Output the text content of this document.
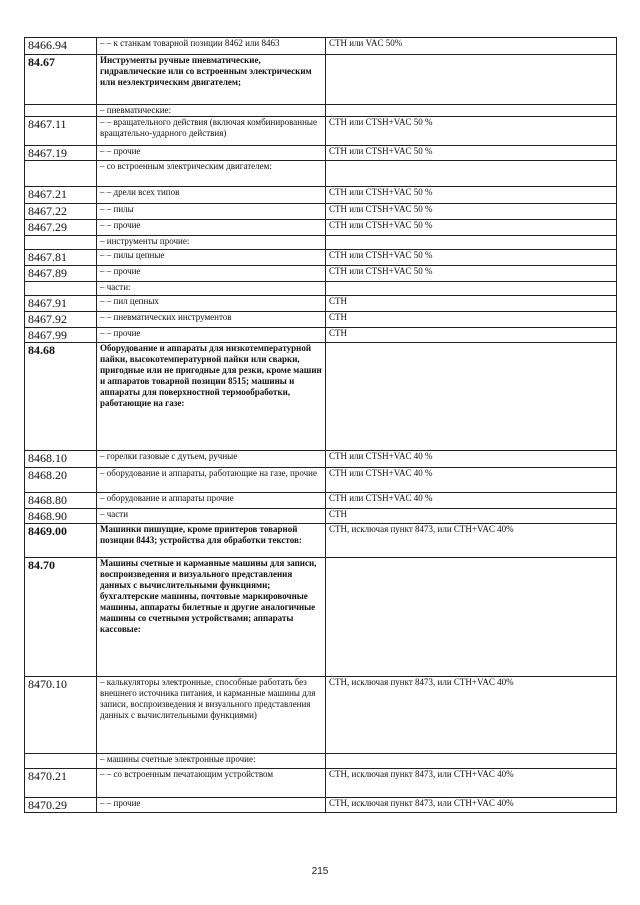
8466.94	– – к станкам товарной позиции 8462 или 8463	CTH или VAC 50%
84.67	Инструменты ручные пневматические, гидравлические или со встроенным электрическим или неэлектрическим двигателем;	
	– пневматические:	
8467.11	– – вращательного действия (включая комбинированные вращательно-ударного действия)	CTH или CTSH+VAC 50 %
8467.19	– – прочие	CTH или CTSH+VAC 50 %
	– со встроенным электрическим двигателем:	
8467.21	– – дрели всех типов	CTH или CTSH+VAC 50 %
8467.22	– – пилы	CTH или CTSH+VAC 50 %
8467.29	– – прочие	CTH или CTSH+VAC 50 %
	– инструменты прочие:	
8467.81	– – пилы цепные	CTH или CTSH+VAC 50 %
8467.89	– – прочие	CTH или CTSH+VAC 50 %
	– части:	
8467.91	– – пил цепных	CTH
8467.92	– – пневматических инструментов	CTH
8467.99	– – прочие	CTH
84.68	Оборудование и аппараты для низкотемпературной пайки, высокотемпературной пайки или сварки, пригодные или не пригодные для резки, кроме машин и аппаратов товарной позиции 8515; машины и аппараты для поверхностной термообработки, работающие на газе:	
8468.10	– горелки газовые с дутьем, ручные	CTH или CTSH+VAC 40 %
8468.20	– оборудование и аппараты, работающие на газе, прочие	CTH или CTSH+VAC 40 %
8468.80	– оборудование и аппараты прочие	CTH или CTSH+VAC 40 %
8468.90	– части	CTH
8469.00	Машинки пишущие, кроме принтеров товарной позиции 8443; устройства для обработки текстов:	CTH, исключая пункт 8473, или CTH+VAC 40%
84.70	Машины счетные и карманные машины для записи, воспроизведения и визуального представления данных с вычислительными функциями; бухгалтерские машины, почтовые маркировочные машины, аппараты билетные и другие аналогичные машины со счетными устройствами; аппараты кассовые:	
8470.10	– калькуляторы электронные, способные работать без внешнего источника питания, и карманные машины для записи, воспроизведения и визуального представления данных с вычислительными функциями)	CTH, исключая пункт 8473, или CTH+VAC 40%
	– машины счетные электронные прочие:	
8470.21	– – со встроенным печатающим устройством	CTH, исключая пункт 8473, или CTH+VAC 40%
8470.29	– – прочие	CTH, исключая пункт 8473, или CTH+VAC 40%
215
